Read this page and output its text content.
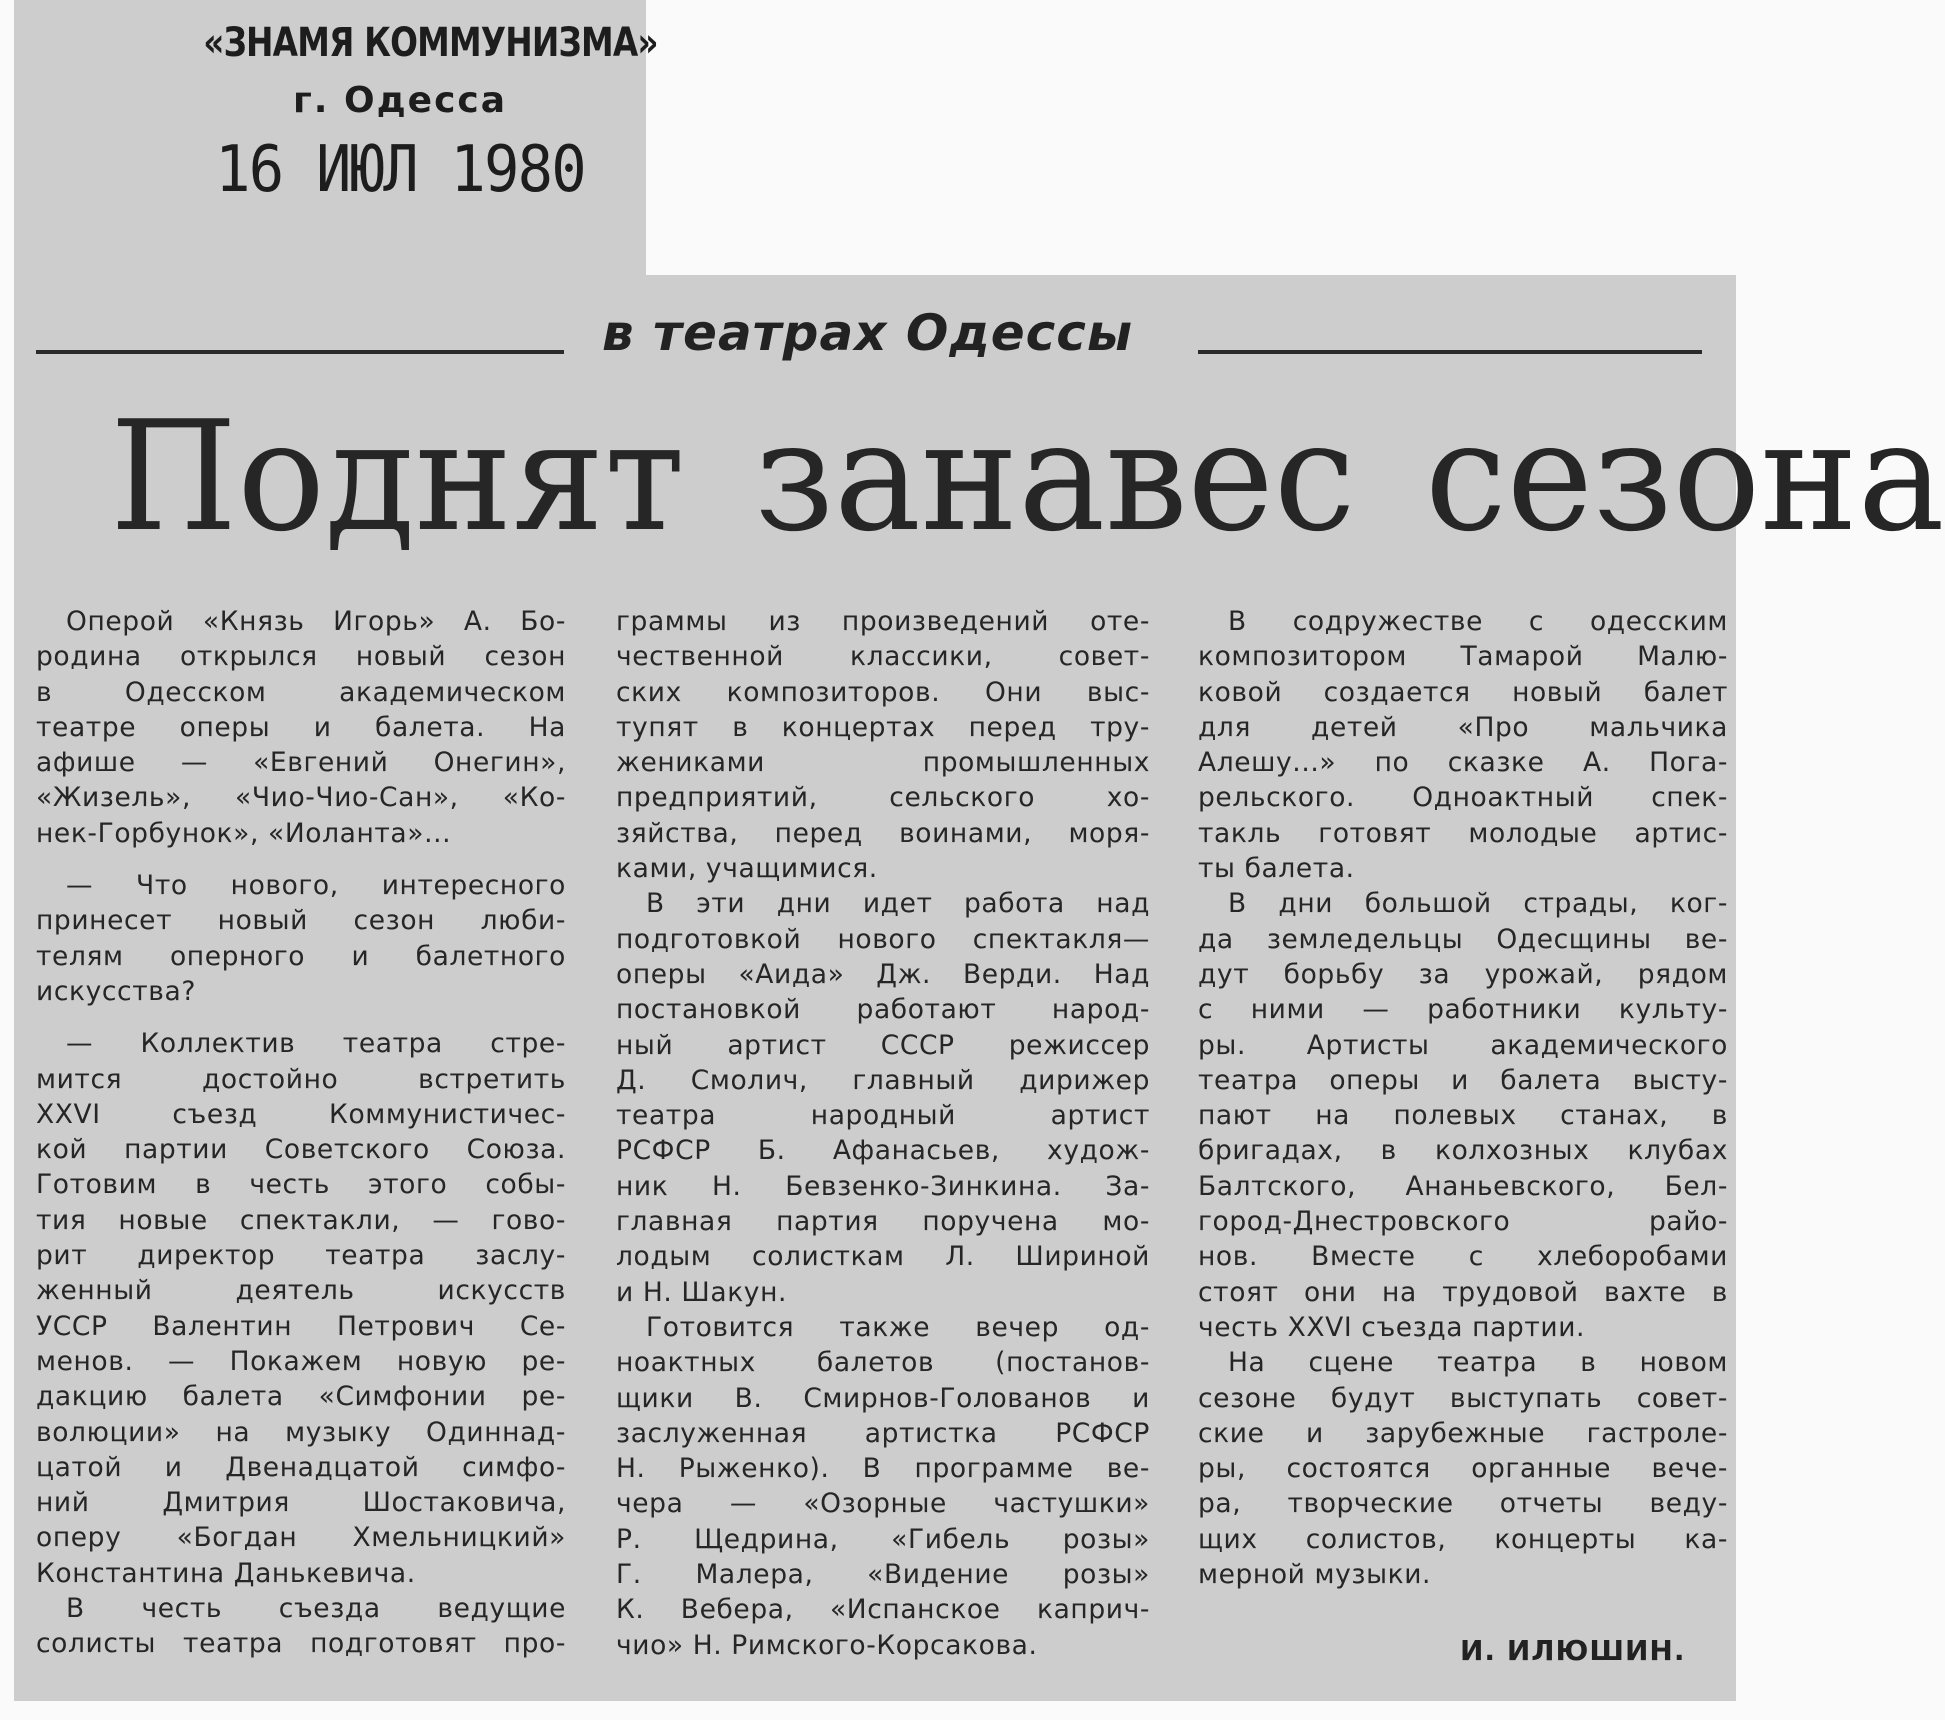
«ЗНАМЯ КОММУНИЗМА»
г. Одесса
16 ИЮЛ 1980
в театрах Одессы
Поднят занавес сезона
Оперой «Князь Игорь» А. Бо-
родина открылся новый сезон
в Одесском академическом
театре оперы и балета. На
афише — «Евгений Онегин»,
«Жизель», «Чио-Чио-Сан», «Ко-
нек-Горбунок», «Иоланта»...
— Что нового, интересного
принесет новый сезон люби-
телям оперного и балетного
искусства?
— Коллектив театра стре-
мится достойно встретить
XXVI съезд Коммунистичес-
кой партии Советского Союза.
Готовим в честь этого собы-
тия новые спектакли, — гово-
рит директор театра заслу-
женный деятель искусств
УССР Валентин Петрович Се-
менов. — Покажем новую ре-
дакцию балета «Симфонии ре-
волюции» на музыку Одиннад-
цатой и Двенадцатой симфо-
ний Дмитрия Шостаковича,
оперу «Богдан Хмельницкий»
Константина Данькевича.
В честь съезда ведущие
солисты театра подготовят про-
граммы из произведений оте-
чественной классики, совет-
ских композиторов. Они выс-
тупят в концертах перед тру-
жениками промышленных
предприятий, сельского хо-
зяйства, перед воинами, моря-
ками, учащимися.
В эти дни идет работа над
подготовкой нового спектакля—
оперы «Аида» Дж. Верди. Над
постановкой работают народ-
ный артист СССР режиссер
Д. Смолич, главный дирижер
театра народный артист
РСФСР Б. Афанасьев, худож-
ник Н. Бевзенко-Зинкина. За-
главная партия поручена мо-
лодым солисткам Л. Шириной
и Н. Шакун.
Готовится также вечер од-
ноактных балетов (постанов-
щики В. Смирнов-Голованов и
заслуженная артистка РСФСР
Н. Рыженко). В программе ве-
чера — «Озорные частушки»
Р. Щедрина, «Гибель розы»
Г. Малера, «Видение розы»
К. Вебера, «Испанское каприч-
чио» Н. Римского-Корсакова.
В содружестве с одесским
композитором Тамарой Малю-
ковой создается новый балет
для детей «Про мальчика
Алешу...» по сказке А. Пога-
рельского. Одноактный спек-
такль готовят молодые артис-
ты балета.
В дни большой страды, ког-
да земледельцы Одесщины ве-
дут борьбу за урожай, рядом
с ними — работники культу-
ры. Артисты академического
театра оперы и балета высту-
пают на полевых станах, в
бригадах, в колхозных клубах
Балтского, Ананьевского, Бел-
город-Днестровского райо-
нов. Вместе с хлеборобами
стоят они на трудовой вахте в
честь XXVI съезда партии.
На сцене театра в новом
сезоне будут выступать совет-
ские и зарубежные гастроле-
ры, состоятся органные вече-
ра, творческие отчеты веду-
щих солистов, концерты ка-
мерной музыки.
И. ИЛЮШИН.
